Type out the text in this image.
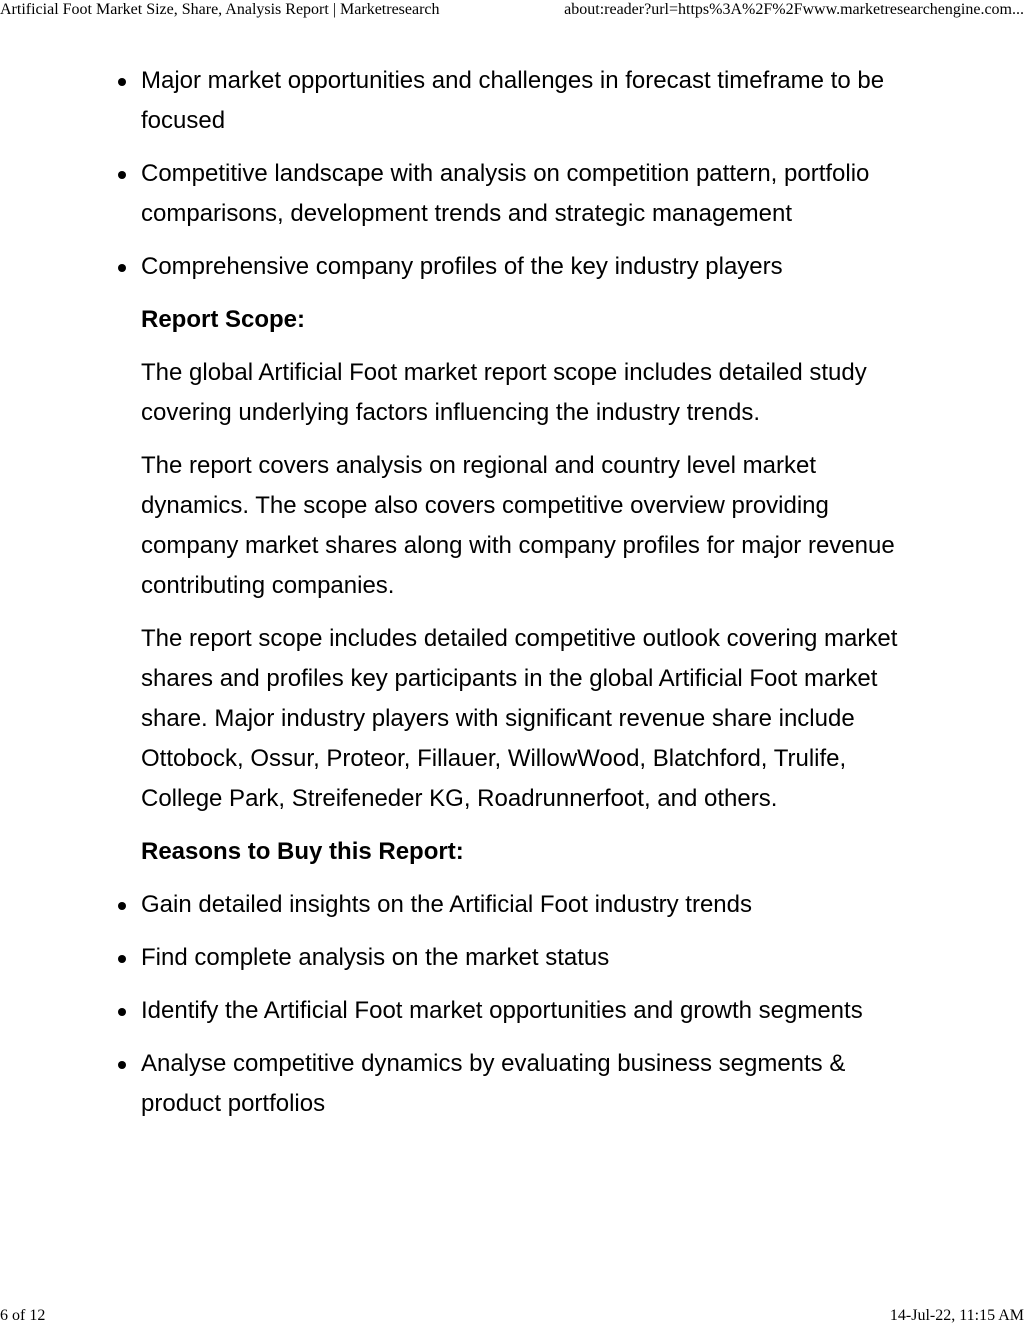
Artificial Foot Market Size, Share, Analysis Report | Marketresearch	about:reader?url=https%3A%2F%2Fwww.marketresearchengine.com...
Major market opportunities and challenges in forecast timeframe to be focused
Competitive landscape with analysis on competition pattern, portfolio comparisons, development trends and strategic management
Comprehensive company profiles of the key industry players
Report Scope:

The global Artificial Foot market report scope includes detailed study covering underlying factors influencing the industry trends.

The report covers analysis on regional and country level market dynamics. The scope also covers competitive overview providing company market shares along with company profiles for major revenue contributing companies.

The report scope includes detailed competitive outlook covering market shares and profiles key participants in the global Artificial Foot market share. Major industry players with significant revenue share include Ottobock, Ossur, Proteor, Fillauer, WillowWood, Blatchford, Trulife, College Park, Streifeneder KG, Roadrunnerfoot, and others.

Reasons to Buy this Report:
Gain detailed insights on the Artificial Foot industry trends
Find complete analysis on the market status
Identify the Artificial Foot market opportunities and growth segments
Analyse competitive dynamics by evaluating business segments & product portfolios
6 of 12	14-Jul-22, 11:15 AM
